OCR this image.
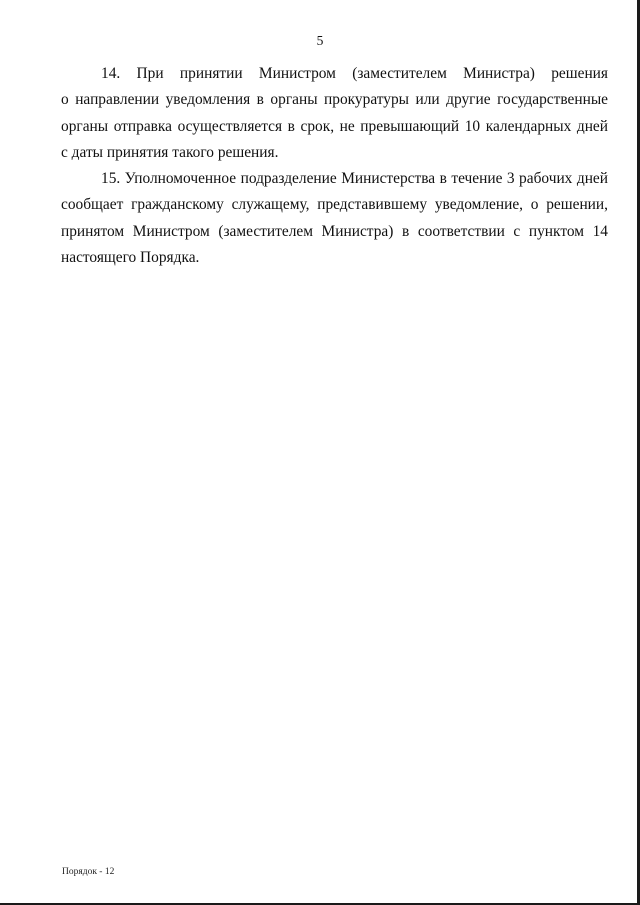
5

14. При принятии Министром (заместителем Министра) решения
о направлении уведомления в органы прокуратуры или другие государственные
органы отправка осуществляется в срок, не превышающий 10 календарных дней
с даты принятия такого решения.

15. Уполномоченное подразделение Министерства в течение 3 рабочих дней
сообщает гражданскому служащему, представившему уведомление, о решении,
принятом Министром (заместителем Министра) в соответствии с пунктом 14
настоящего Порядка.

Порядок - 12
